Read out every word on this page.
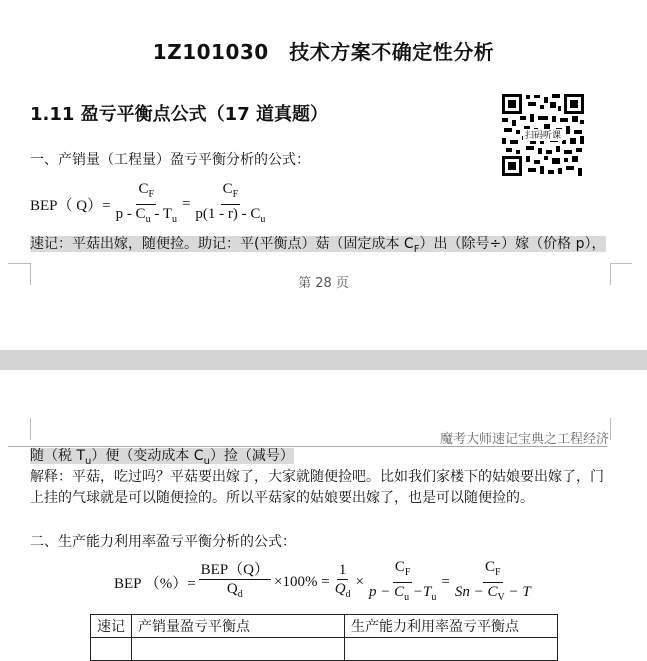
1Z101030　技术方案不确定性分析
1.11 盈亏平衡点公式（17 道真题）
扫码听课
一、产销量（工程量）盈亏平衡分析的公式：
BEP（ $Q)= \frac{C_F}{p - C_u - T_u} = \frac{C_F}{p(1 - r) - C_u}$
速记：平菇出嫁，随便捡。助记：平(平衡点）菇（固定成本 $C_F$）出（除号÷）嫁（价格 p），
第 28 页
魔考大师速记宝典之工程经济
随（税 $T_u$）便（变动成本 $C_u$）捡（减号）
解释：平菇，吃过吗？平菇要出嫁了，大家就随便捡吧。比如我们家楼下的姑娘要出嫁了，门
上挂的气球就是可以随便捡的。所以平菇家的姑娘要出嫁了，也是可以随便捡的。
二、生产能力利用率盈亏平衡分析的公式：
BEP （%）= $\frac{\text{BEP（Q）}}{Q_d} \times 100\% = \frac{1}{Q_d} \times \frac{C_F}{p - C_u -T_u} = \frac{C_F}{Sn - C_V - T}$
速记	产销量盈亏平衡点	生产能力利用率盈亏平衡点
